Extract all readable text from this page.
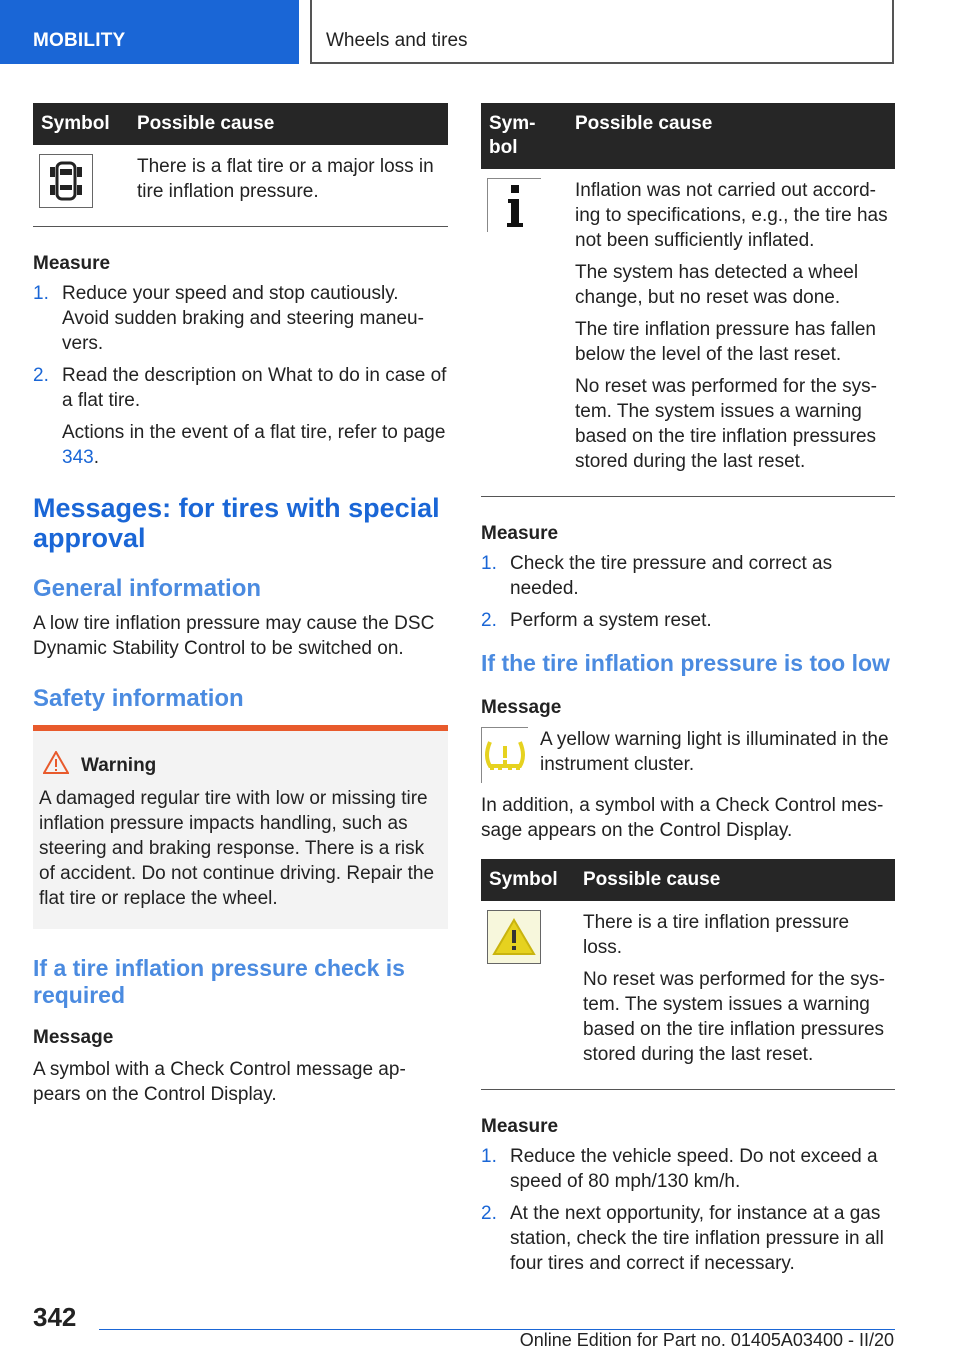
MOBILITY	Wheels and tires
Symbol	Possible cause

There is a flat tire or a major loss in tire inflation pressure.

Measure

1. Reduce your speed and stop cautiously. Avoid sudden braking and steering maneu-vers.

2. Read the description on What to do in case of a flat tire.

Actions in the event of a flat tire, refer to page 343.

Messages: for tires with special approval
General information

A low tire inflation pressure may cause the DSC Dynamic Stability Control to be switched on.

Safety information
Warning

A damaged regular tire with low or missing tire inflation pressure impacts handling, such as steering and braking response. There is a risk of accident. Do not continue driving. Repair the flat tire or replace the wheel.

If a tire inflation pressure check is required

Message

A symbol with a Check Control message ap-pears on the Control Display.

Sym-bol	Possible cause

Inflation was not carried out accord-ing to specifications, e.g., the tire has not been sufficiently inflated.

The system has detected a wheel change, but no reset was done.

The tire inflation pressure has fallen below the level of the last reset.

No reset was performed for the sys-tem. The system issues a warning based on the tire inflation pressures stored during the last reset.

Measure

1. Check the tire pressure and correct as needed.

2. Perform a system reset.

If the tire inflation pressure is too low

Message

A yellow warning light is illuminated in the instrument cluster.

In addition, a symbol with a Check Control mes-sage appears on the Control Display.

Symbol	Possible cause

There is a tire inflation pressure loss.

No reset was performed for the sys-tem. The system issues a warning based on the tire inflation pressures stored during the last reset.

Measure

1. Reduce the vehicle speed. Do not exceed a speed of 80 mph/130 km/h.

2. At the next opportunity, for instance at a gas station, check the tire inflation pressure in all four tires and correct if necessary.

342
Online Edition for Part no. 01405A03400 - II/20
